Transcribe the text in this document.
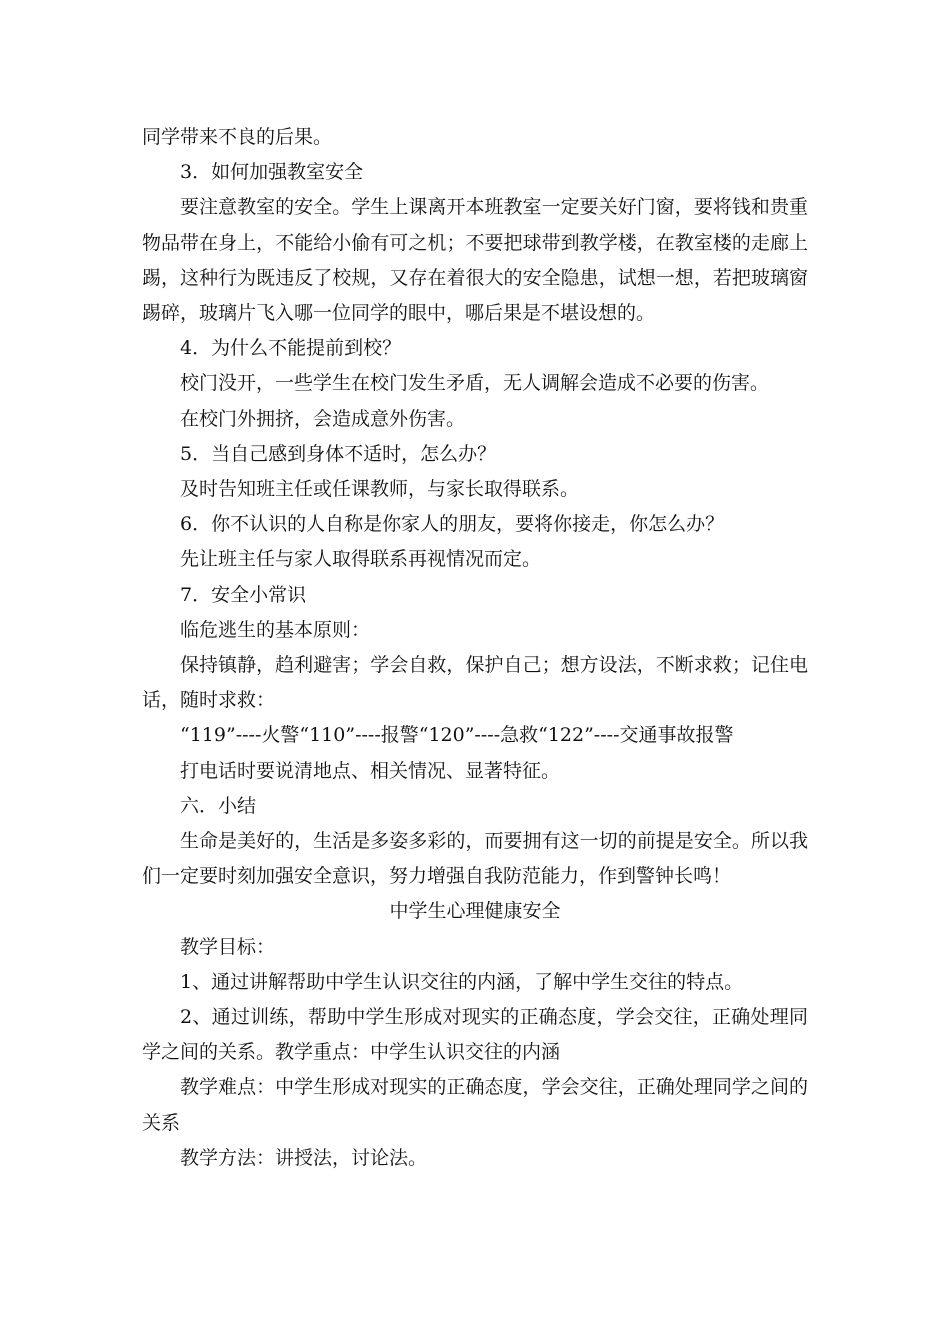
同学带来不良的后果。

3．如何加强教室安全

要注意教室的安全。学生上课离开本班教室一定要关好门窗，要将钱和贵重物品带在身上，不能给小偷有可之机；不要把球带到教学楼，在教室楼的走廊上踢，这种行为既违反了校规，又存在着很大的安全隐患，试想一想，若把玻璃窗踢碎，玻璃片飞入哪一位同学的眼中，哪后果是不堪设想的。

4．为什么不能提前到校？

校门没开，一些学生在校门发生矛盾，无人调解会造成不必要的伤害。

在校门外拥挤，会造成意外伤害。

5．当自己感到身体不适时，怎么办？

及时告知班主任或任课教师，与家长取得联系。

6．你不认识的人自称是你家人的朋友，要将你接走，你怎么办？

先让班主任与家人取得联系再视情况而定。

7．安全小常识

临危逃生的基本原则：

保持镇静，趋利避害；学会自救，保护自己；想方设法，不断求救；记住电话，随时求救：

“119”----火警“110”----报警“120”----急救“122”----交通事故报警

打电话时要说清地点、相关情况、显著特征。

六．小结

生命是美好的，生活是多姿多彩的，而要拥有这一切的前提是安全。所以我们一定要时刻加强安全意识，努力增强自我防范能力，作到警钟长鸣！

中学生心理健康安全

教学目标：

1、通过讲解帮助中学生认识交往的内涵，了解中学生交往的特点。

2、通过训练，帮助中学生形成对现实的正确态度，学会交往，正确处理同学之间的关系。教学重点：中学生认识交往的内涵

教学难点：中学生形成对现实的正确态度，学会交往，正确处理同学之间的关系

教学方法：讲授法，讨论法。
